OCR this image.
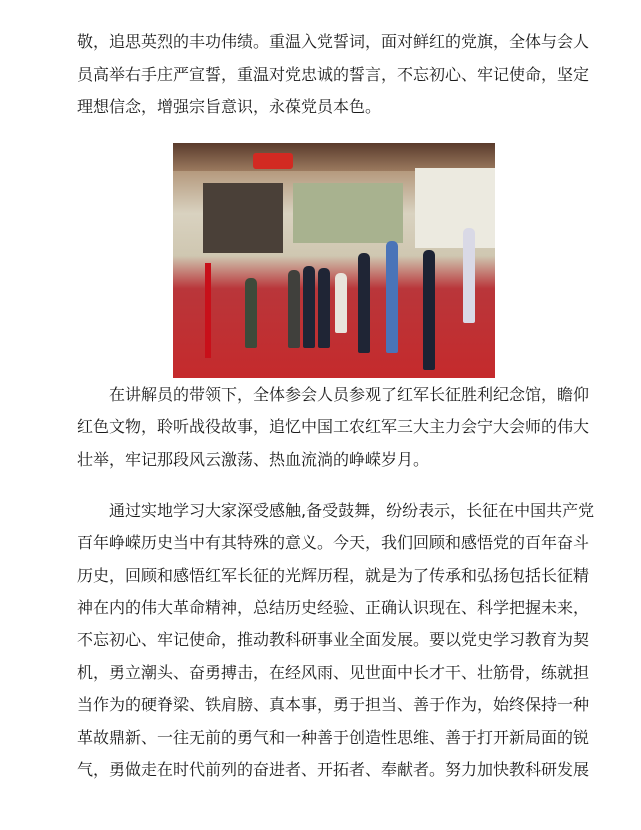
敬，追思英烈的丰功伟绩。重温入党誓词，面对鲜红的党旗，全体与会人
员高举右手庄严宣誓，重温对党忠诚的誓言，不忘初心、牢记使命，坚定
理想信念，增强宗旨意识，永葆党员本色。
在讲解员的带领下，全体参会人员参观了红军长征胜利纪念馆，瞻仰
红色文物，聆听战役故事，追忆中国工农红军三大主力会宁大会师的伟大
壮举，牢记那段风云激荡、热血流淌的峥嵘岁月。
通过实地学习大家深受感触,备受鼓舞，纷纷表示，长征在中国共产党
百年峥嵘历史当中有其特殊的意义。今天，我们回顾和感悟党的百年奋斗
历史，回顾和感悟红军长征的光辉历程，就是为了传承和弘扬包括长征精
神在内的伟大革命精神，总结历史经验、正确认识现在、科学把握未来，
不忘初心、牢记使命，推动教科研事业全面发展。要以党史学习教育为契
机，勇立潮头、奋勇搏击，在经风雨、见世面中长才干、壮筋骨，练就担
当作为的硬脊梁、铁肩膀、真本事，勇于担当、善于作为，始终保持一种
革故鼎新、一往无前的勇气和一种善于创造性思维、善于打开新局面的锐
气，勇做走在时代前列的奋进者、开拓者、奉献者。努力加快教科研发展
